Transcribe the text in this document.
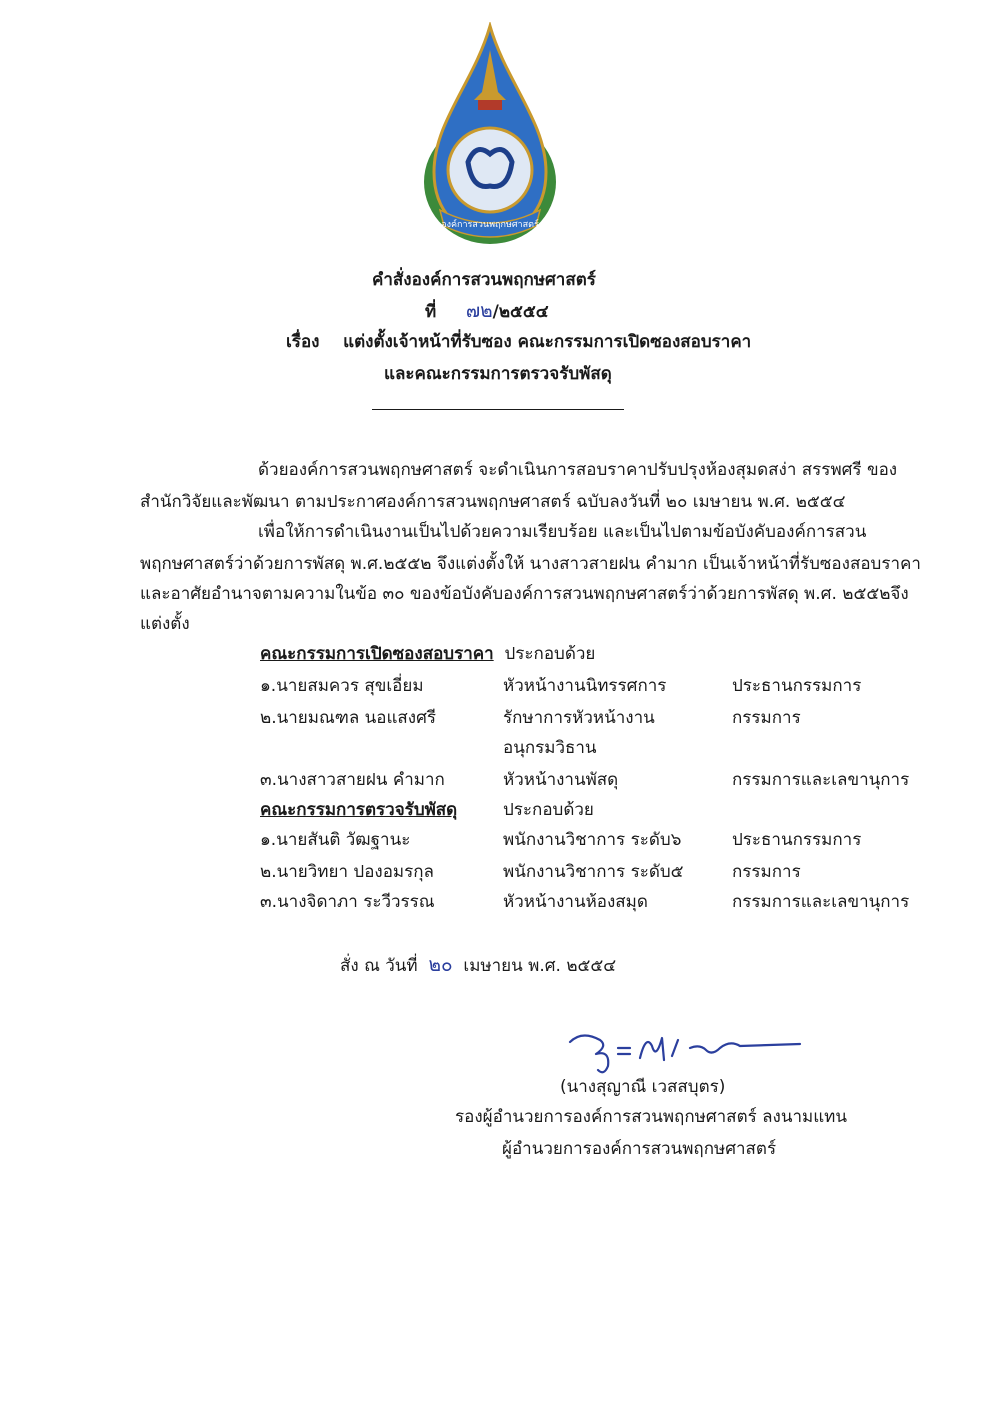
องค์การสวนพฤกษศาสตร์
คำสั่งองค์การสวนพฤกษศาสตร์
ที่ ๗๒/๒๕๕๔
เรื่อง แต่งตั้งเจ้าหน้าที่รับซอง คณะกรรมการเปิดซองสอบราคา
และคณะกรรมการตรวจรับพัสดุ
ด้วยองค์การสวนพฤกษศาสตร์ จะดำเนินการสอบราคาปรับปรุงห้องสุมดสง่า สรรพศรี ของ
สำนักวิจัยและพัฒนา ตามประกาศองค์การสวนพฤกษศาสตร์ ฉบับลงวันที่ ๒๐ เมษายน พ.ศ. ๒๕๕๔
เพื่อให้การดำเนินงานเป็นไปด้วยความเรียบร้อย และเป็นไปตามข้อบังคับองค์การสวน
พฤกษศาสตร์ว่าด้วยการพัสดุ พ.ศ.๒๕๕๒ จึงแต่งตั้งให้ นางสาวสายฝน คำมาก เป็นเจ้าหน้าที่รับซองสอบราคา
และอาศัยอำนาจตามความในข้อ ๓๐ ของข้อบังคับองค์การสวนพฤกษศาสตร์ว่าด้วยการพัสดุ พ.ศ. ๒๕๕๒จึง
แต่งตั้ง
คณะกรรมการเปิดซองสอบราคา ประกอบด้วย
๑.นายสมควร สุขเอี่ยม	หัวหน้างานนิทรรศการ	ประธานกรรมการ
๒.นายมณฑล นอแสงศรี	รักษาการหัวหน้างาน	กรรมการ
อนุกรมวิธาน
๓.นางสาวสายฝน คำมาก	หัวหน้างานพัสดุ	กรรมการและเลขานุการ
คณะกรรมการตรวจรับพัสดุ	ประกอบด้วย
๑.นายสันติ วัฒฐานะ	พนักงานวิชาการ ระดับ๖	ประธานกรรมการ
๒.นายวิทยา ปองอมรกุล	พนักงานวิชาการ ระดับ๕	กรรมการ
๓.นางจิดาภา ระวีวรรณ	หัวหน้างานห้องสมุด	กรรมการและเลขานุการ
สั่ง ณ วันที่ ๒๐ เมษายน พ.ศ. ๒๕๕๔
(นางสุญาณี เวสสบุตร)
รองผู้อำนวยการองค์การสวนพฤกษศาสตร์ ลงนามแทน
ผู้อำนวยการองค์การสวนพฤกษศาสตร์
